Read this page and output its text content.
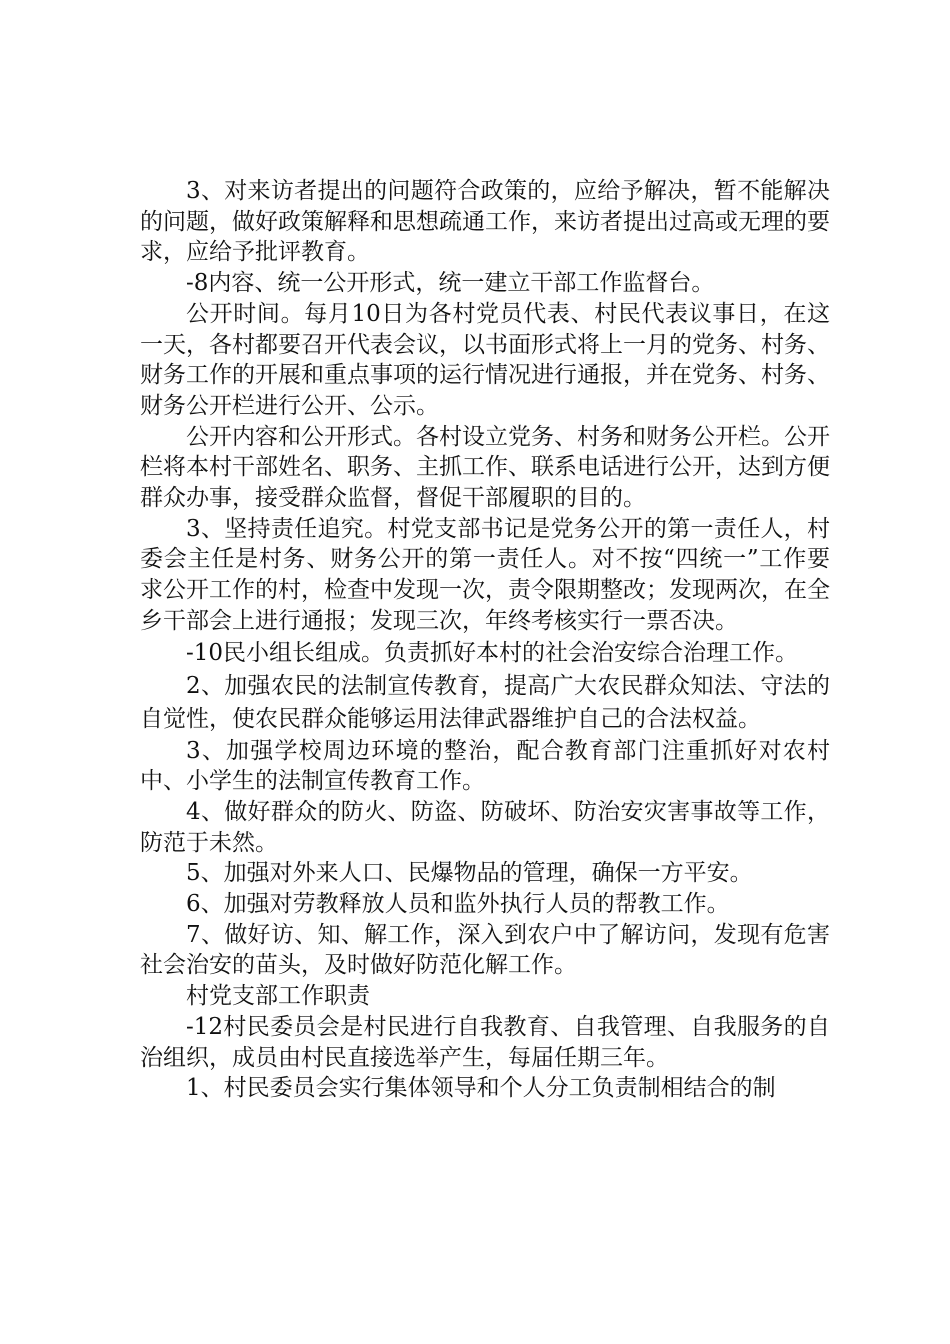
3、对来访者提出的问题符合政策的，应给予解决，暂不能解决的问题，做好政策解释和思想疏通工作，来访者提出过高或无理的要求，应给予批评教育。

-8内容、统一公开形式，统一建立干部工作监督台。

公开时间。每月10日为各村党员代表、村民代表议事日，在这一天，各村都要召开代表会议，以书面形式将上一月的党务、村务、财务工作的开展和重点事项的运行情况进行通报，并在党务、村务、财务公开栏进行公开、公示。

公开内容和公开形式。各村设立党务、村务和财务公开栏。公开栏将本村干部姓名、职务、主抓工作、联系电话进行公开，达到方便群众办事，接受群众监督，督促干部履职的目的。

3、坚持责任追究。村党支部书记是党务公开的第一责任人，村委会主任是村务、财务公开的第一责任人。对不按“四统一”工作要求公开工作的村，检查中发现一次，责令限期整改；发现两次，在全乡干部会上进行通报；发现三次，年终考核实行一票否决。

-10民小组长组成。负责抓好本村的社会治安综合治理工作。

2、加强农民的法制宣传教育，提高广大农民群众知法、守法的自觉性，使农民群众能够运用法律武器维护自己的合法权益。

3、加强学校周边环境的整治，配合教育部门注重抓好对农村中、小学生的法制宣传教育工作。

4、做好群众的防火、防盗、防破坏、防治安灾害事故等工作，防范于未然。

5、加强对外来人口、民爆物品的管理，确保一方平安。

6、加强对劳教释放人员和监外执行人员的帮教工作。

7、做好访、知、解工作，深入到农户中了解访问，发现有危害社会治安的苗头，及时做好防范化解工作。

村党支部工作职责

-12村民委员会是村民进行自我教育、自我管理、自我服务的自治组织，成员由村民直接选举产生，每届任期三年。

1、村民委员会实行集体领导和个人分工负责制相结合的制
